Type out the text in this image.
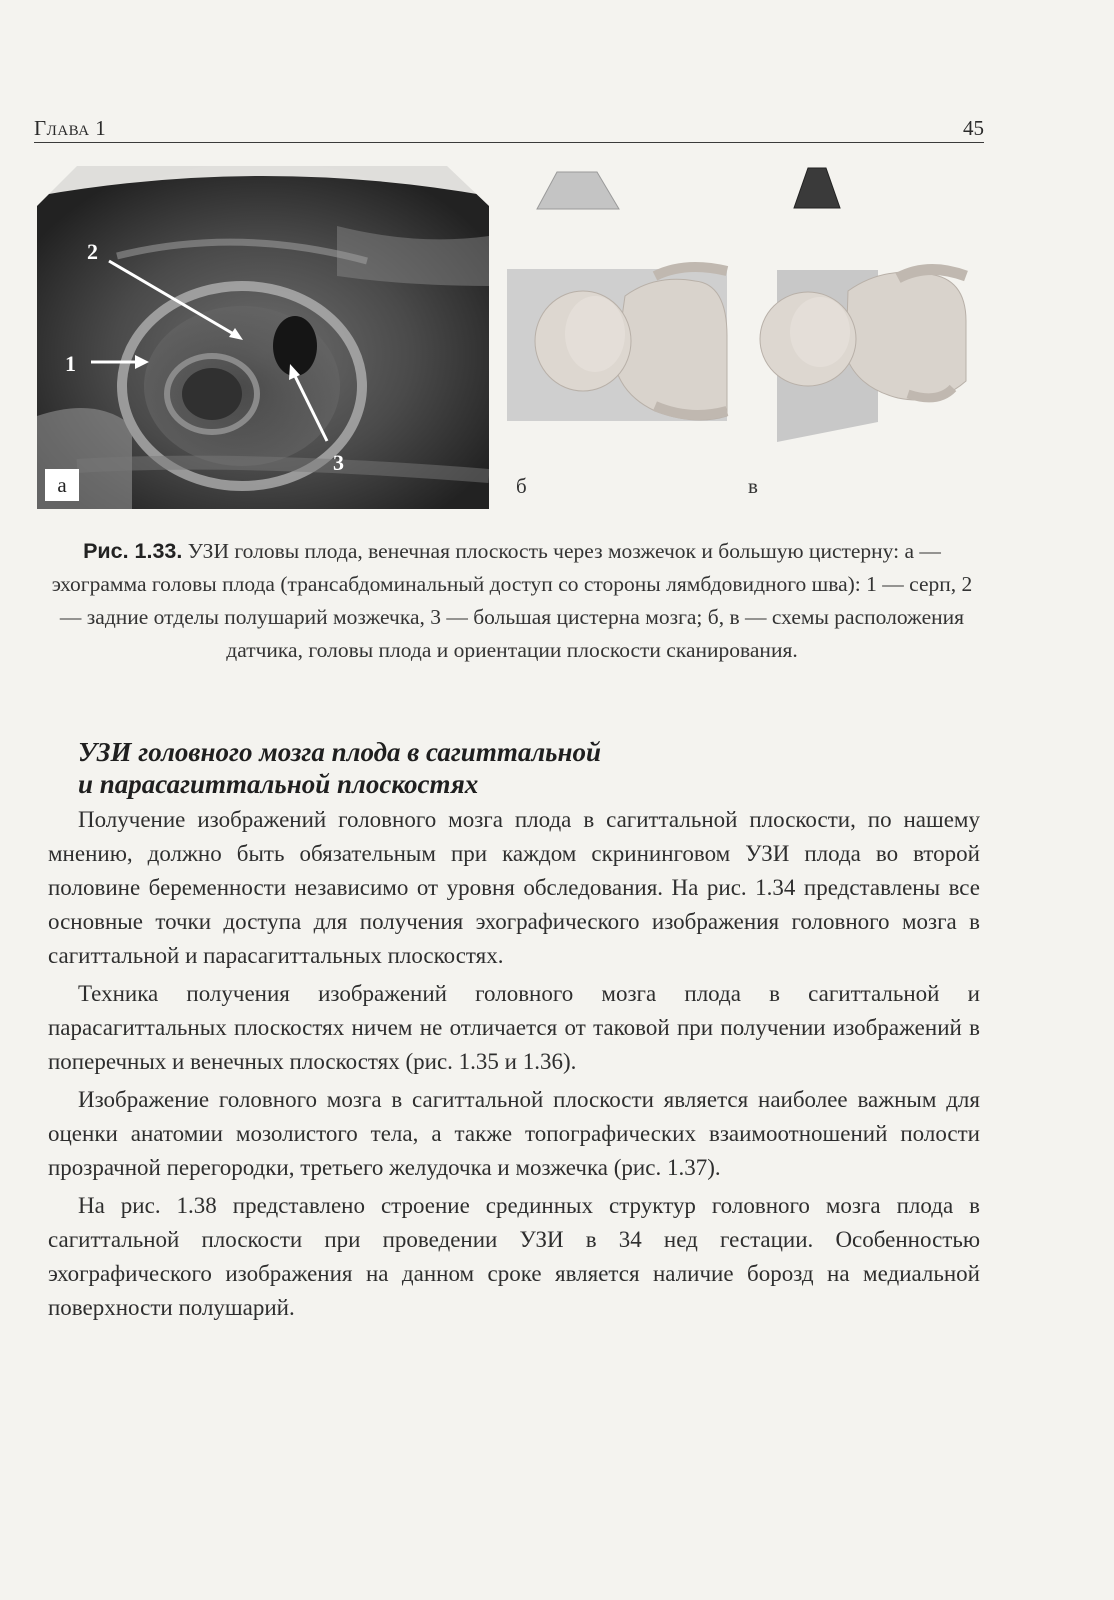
Глава 1	45
2
1
3
а	б	в
Рис. 1.33. УЗИ головы плода, венечная плоскость через мозжечок и большую цистерну: а — эхограмма головы плода (трансабдоминальный доступ со стороны лямбдовидного шва): 1 — серп, 2 — задние отделы полушарий мозжечка, 3 — большая цистерна мозга; б, в — схемы расположения датчика, головы плода и ориентации плоскости сканирования.
УЗИ головного мозга плода в сагиттальной
и парасагиттальной плоскостях

Получение изображений головного мозга плода в сагиттальной плоскости, по нашему мнению, должно быть обязательным при каждом скрининговом УЗИ плода во второй половине беременности независимо от уровня обследования. На рис. 1.34 представлены все основные точки доступа для получения эхографического изображения головного мозга в сагиттальной и парасагиттальных плоскостях.

Техника получения изображений головного мозга плода в сагиттальной и парасагиттальных плоскостях ничем не отличается от таковой при получении изображений в поперечных и венечных плоскостях (рис. 1.35 и 1.36).

Изображение головного мозга в сагиттальной плоскости является наиболее важным для оценки анатомии мозолистого тела, а также топографических взаимоотношений полости прозрачной перегородки, третьего желудочка и мозжечка (рис. 1.37).

На рис. 1.38 представлено строение срединных структур головного мозга плода в сагиттальной плоскости при проведении УЗИ в 34 нед гестации. Особенностью эхографического изображения на данном сроке является наличие борозд на медиальной поверхности полушарий.
